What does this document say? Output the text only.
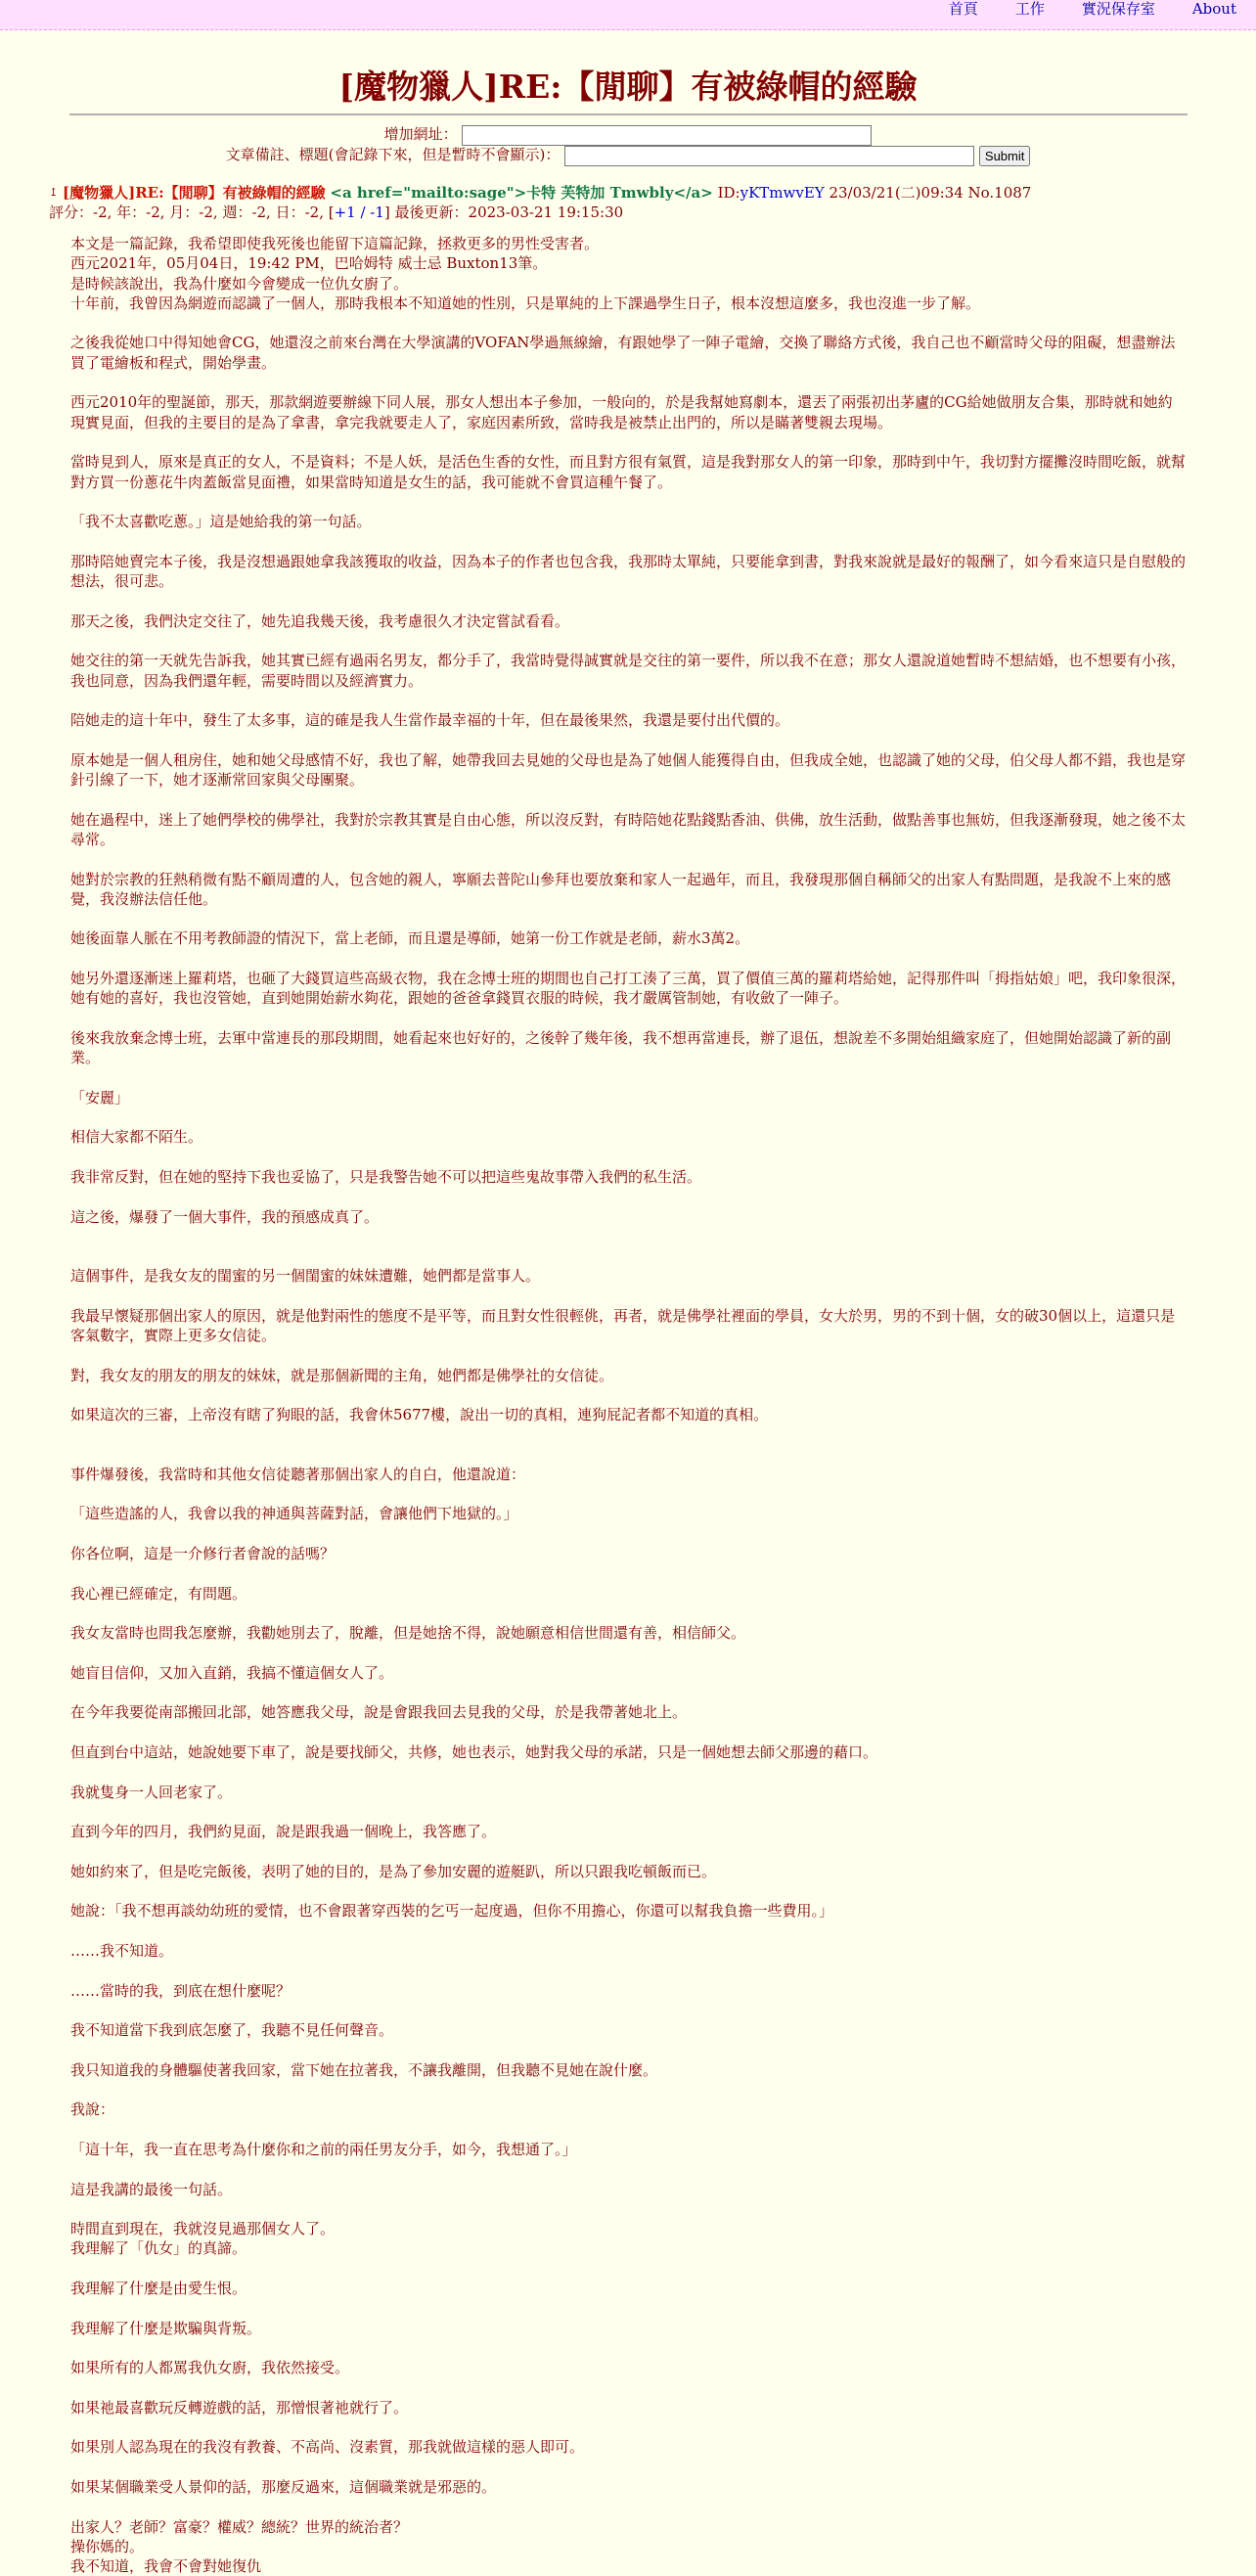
首頁	工作	實況保存室	About
[魔物獵人]RE:【閒聊】有被綠帽的經驗
增加網址：
文章備註、標題(會記錄下來，但是暫時不會顯示)：	Submit
↥ [魔物獵人]RE:【閒聊】有被綠帽的經驗 <a href="mailto:sage">卡特 芙特加 Tmwbly</a> ID:yKTmwvEY 23/03/21(二)09:34 No.1087
評分：-2, 年：-2, 月：-2, 週：-2, 日：-2, [+1 / -1] 最後更新：2023-03-21 19:15:30

本文是一篇記錄，我希望即使我死後也能留下這篇記錄，拯救更多的男性受害者。
西元2021年，05月04日，19:42 PM，巴哈姆特 威士忌 Buxton13筆。
是時候該說出，我為什麼如今會變成一位仇女廚了。
十年前，我曾因為網遊而認識了一個人，那時我根本不知道她的性別，只是單純的上下課過學生日子，根本沒想這麼多，我也沒進一步了解。

之後我從她口中得知她會CG，她還沒之前來台灣在大學演講的VOFAN學過無線繪，有跟她學了一陣子電繪，交換了聯絡方式後，我自己也不顧當時父母的阻礙，想盡辦法買了電繪板和程式，開始學畫。

西元2010年的聖誕節，那天，那款網遊要辦線下同人展，那女人想出本子參加，一般向的，於是我幫她寫劇本，還丟了兩張初出茅廬的CG給她做朋友合集，那時就和她約現實見面，但我的主要目的是為了拿書，拿完我就要走人了，家庭因素所致，當時我是被禁止出門的，所以是瞞著雙親去現場。

當時見到人，原來是真正的女人，不是資料；不是人妖，是活色生香的女性，而且對方很有氣質，這是我對那女人的第一印象，那時到中午，我切對方擺攤沒時間吃飯，就幫對方買一份蔥花牛肉蓋飯當見面禮，如果當時知道是女生的話，我可能就不會買這種午餐了。

「我不太喜歡吃蔥。」這是她給我的第一句話。

那時陪她賣完本子後，我是沒想過跟她拿我該獲取的收益，因為本子的作者也包含我，我那時太單純，只要能拿到書，對我來說就是最好的報酬了，如今看來這只是自慰般的想法，很可悲。

那天之後，我們決定交往了，她先追我幾天後，我考慮很久才決定嘗試看看。

她交往的第一天就先告訴我，她其實已經有過兩名男友，都分手了，我當時覺得誠實就是交往的第一要件，所以我不在意；那女人還說道她暫時不想結婚，也不想要有小孩，我也同意，因為我們還年輕，需要時間以及經濟實力。

陪她走的這十年中，發生了太多事，這的確是我人生當作最幸福的十年，但在最後果然，我還是要付出代價的。

原本她是一個人租房住，她和她父母感情不好，我也了解，她帶我回去見她的父母也是為了她個人能獲得自由，但我成全她，也認識了她的父母，伯父母人都不錯，我也是穿針引線了一下，她才逐漸常回家與父母團聚。

她在過程中，迷上了她們學校的佛學社，我對於宗教其實是自由心態，所以沒反對，有時陪她花點錢點香油、供佛，放生活動，做點善事也無妨，但我逐漸發現，她之後不太尋常。

她對於宗教的狂熱稍微有點不顧周遭的人，包含她的親人，寧願去普陀山參拜也要放棄和家人一起過年，而且，我發現那個自稱師父的出家人有點問題，是我說不上來的感覺，我沒辦法信任他。

她後面靠人脈在不用考教師證的情況下，當上老師，而且還是導師，她第一份工作就是老師，薪水3萬2。

她另外還逐漸迷上羅莉塔，也砸了大錢買這些高級衣物，我在念博士班的期間也自己打工湊了三萬，買了價值三萬的羅莉塔給她，記得那件叫「拇指姑娘」吧，我印象很深，她有她的喜好，我也沒管她，直到她開始薪水夠花，跟她的爸爸拿錢買衣服的時候，我才嚴厲管制她，有收斂了一陣子。

後來我放棄念博士班，去軍中當連長的那段期間，她看起來也好好的，之後幹了幾年後，我不想再當連長，辦了退伍，想說差不多開始組織家庭了，但她開始認識了新的副業。

「安麗」

相信大家都不陌生。

我非常反對，但在她的堅持下我也妥協了，只是我警告她不可以把這些鬼故事帶入我們的私生活。

這之後，爆發了一個大事件，我的預感成真了。

這個事件，是我女友的閨蜜的另一個閨蜜的妹妹遭難，她們都是當事人。

我最早懷疑那個出家人的原因，就是他對兩性的態度不是平等，而且對女性很輕佻，再者，就是佛學社裡面的學員，女大於男，男的不到十個，女的破30個以上，這還只是客氣數字，實際上更多女信徒。

對，我女友的朋友的朋友的妹妹，就是那個新聞的主角，她們都是佛學社的女信徒。

如果這次的三審，上帝沒有瞎了狗眼的話，我會休5677樓，說出一切的真相，連狗屁記者都不知道的真相。

事件爆發後，我當時和其他女信徒聽著那個出家人的自白，他還說道：

「這些造謠的人，我會以我的神通與菩薩對話，會讓他們下地獄的。」

你各位啊，這是一介修行者會說的話嗎？

我心裡已經確定，有問題。

我女友當時也問我怎麼辦，我勸她別去了，脫離，但是她捨不得，說她願意相信世間還有善，相信師父。

她盲目信仰，又加入直銷，我搞不懂這個女人了。

在今年我要從南部搬回北部，她答應我父母，說是會跟我回去見我的父母，於是我帶著她北上。

但直到台中這站，她說她要下車了，說是要找師父，共修，她也表示，她對我父母的承諾，只是一個她想去師父那邊的藉口。

我就隻身一人回老家了。

直到今年的四月，我們約見面，說是跟我過一個晚上，我答應了。

她如約來了，但是吃完飯後，表明了她的目的，是為了參加安麗的遊艇趴，所以只跟我吃頓飯而已。

她說：「我不想再談幼幼班的愛情，也不會跟著穿西裝的乞丐一起度過，但你不用擔心，你還可以幫我負擔一些費用。」

……我不知道。

……當時的我，到底在想什麼呢？

我不知道當下我到底怎麼了，我聽不見任何聲音。

我只知道我的身體驅使著我回家，當下她在拉著我，不讓我離開，但我聽不見她在說什麼。

我說：

「這十年，我一直在思考為什麼你和之前的兩任男友分手，如今，我想通了。」

這是我講的最後一句話。

時間直到現在，我就沒見過那個女人了。
我理解了「仇女」的真諦。

我理解了什麼是由愛生恨。

我理解了什麼是欺騙與背叛。

如果所有的人都罵我仇女廚，我依然接受。

如果祂最喜歡玩反轉遊戲的話，那憎恨著祂就行了。

如果別人認為現在的我沒有教養、不高尚、沒素質，那我就做這樣的惡人即可。

如果某個職業受人景仰的話，那麼反過來，這個職業就是邪惡的。

出家人？老師？富豪？權威？總統？世界的統治者？
操你媽的。
我不知道，我會不會對她復仇
